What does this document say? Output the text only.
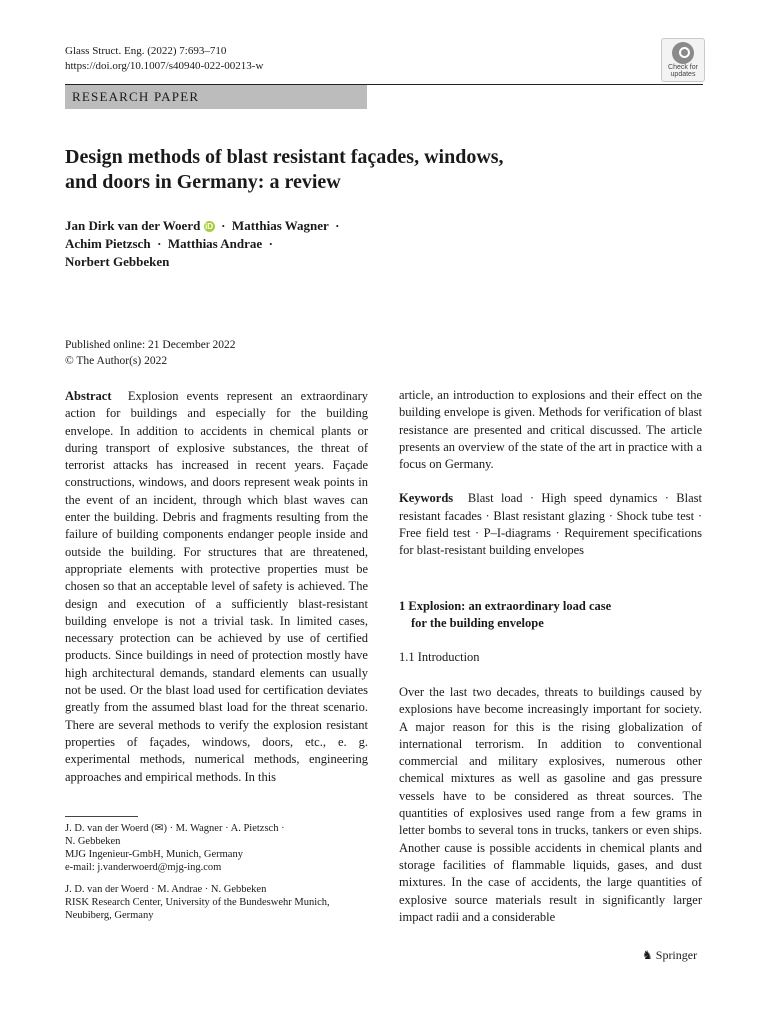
Glass Struct. Eng. (2022) 7:693–710
https://doi.org/10.1007/s40940-022-00213-w	Check for
updates
RESEARCH PAPER
Design methods of blast resistant façades, windows,
and doors in Germany: a review
Jan Dirk van der Woerd iD · Matthias Wagner ·
Achim Pietzsch · Matthias Andrae ·
Norbert Gebbeken
Published online: 21 December 2022
© The Author(s) 2022

Abstract Explosion events represent an extraordinary action for buildings and especially for the building envelope. In addition to accidents in chemical plants or during transport of explosive substances, the threat of terrorist attacks has increased in recent years. Façade constructions, windows, and doors represent weak points in the event of an incident, through which blast waves can enter the building. Debris and fragments resulting from the failure of building components endanger people inside and outside the building. For structures that are threatened, appropriate elements with protective properties must be chosen so that an acceptable level of safety is achieved. The design and execution of a sufficiently blast-resistant building envelope is not a trivial task. In limited cases, necessary protection can be achieved by use of certified products. Since buildings in need of protection mostly have high architectural demands, standard elements can usually not be used. Or the blast load used for certification deviates greatly from the assumed blast load for the threat scenario. There are several methods to verify the explosion resistant properties of façades, windows, doors, etc., e. g. experimental methods, numerical methods, engineering approaches and empirical methods. In this

article, an introduction to explosions and their effect on the building envelope is given. Methods for verification of blast resistance are presented and critical discussed. The article presents an overview of the state of the art in practice with a focus on Germany.

Keywords Blast load · High speed dynamics · Blast resistant facades · Blast resistant glazing · Shock tube test · Free field test · P–I-diagrams · Requirement specifications for blast-resistant building envelopes

1 Explosion: an extraordinary load case
for the building envelope
1.1 Introduction

Over the last two decades, threats to buildings caused by explosions have become increasingly important for society. A major reason for this is the rising globalization of international terrorism. In addition to conventional commercial and military explosives, numerous other chemical mixtures as well as gasoline and gas pressure vessels have to be considered as threat sources. The quantities of explosives used range from a few grams in letter bombs to several tons in trucks, tankers or even ships. Another cause is possible accidents in chemical plants and storage facilities of flammable liquids, gases, and dust mixtures. In the case of accidents, the large quantities of explosive source materials result in significantly larger impact radii and a considerable

J. D. van der Woerd (✉) · M. Wagner · A. Pietzsch ·
N. Gebbeken
MJG Ingenieur-GmbH, Munich, Germany
e-mail: j.vanderwoerd@mjg-ing.com
J. D. van der Woerd · M. Andrae · N. Gebbeken
RISK Research Center, University of the Bundeswehr Munich,
Neubiberg, Germany
♞ Springer
